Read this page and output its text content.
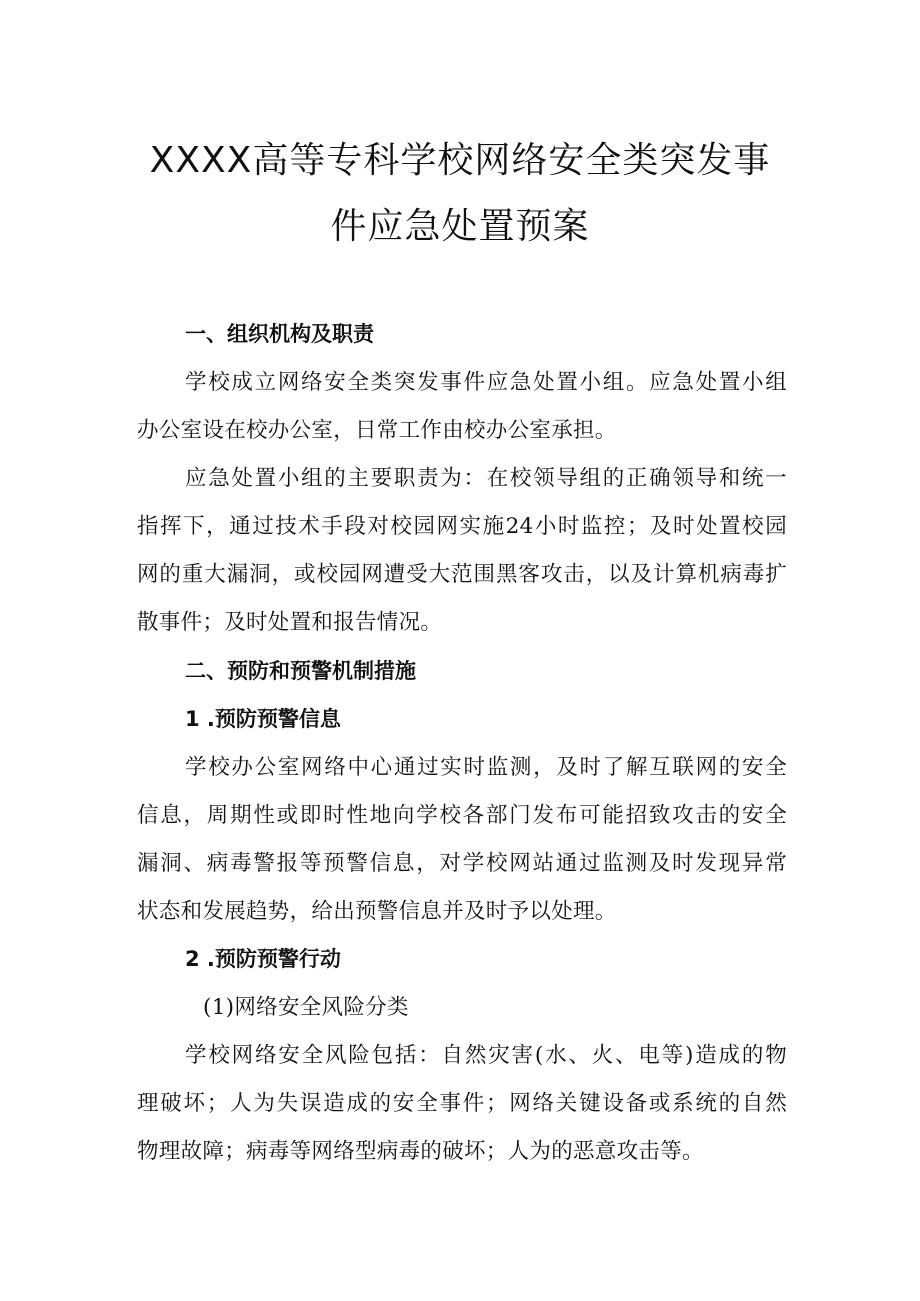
XXXX高等专科学校网络安全类突发事
件应急处置预案
一、组织机构及职责
学校成立网络安全类突发事件应急处置小组。应急处置小组
办公室设在校办公室，日常工作由校办公室承担。
应急处置小组的主要职责为：在校领导组的正确领导和统一
指挥下，通过技术手段对校园网实施24小时监控；及时处置校园
网的重大漏洞，或校园网遭受大范围黑客攻击，以及计算机病毒扩
散事件；及时处置和报告情况。
二、预防和预警机制措施
1 .预防预警信息
学校办公室网络中心通过实时监测，及时了解互联网的安全
信息，周期性或即时性地向学校各部门发布可能招致攻击的安全
漏洞、病毒警报等预警信息，对学校网站通过监测及时发现异常
状态和发展趋势，给出预警信息并及时予以处理。
2 .预防预警行动
(1)网络安全风险分类
学校网络安全风险包括：自然灾害(水、火、电等)造成的物
理破坏；人为失误造成的安全事件；网络关键设备或系统的自然
物理故障；病毒等网络型病毒的破坏；人为的恶意攻击等。
